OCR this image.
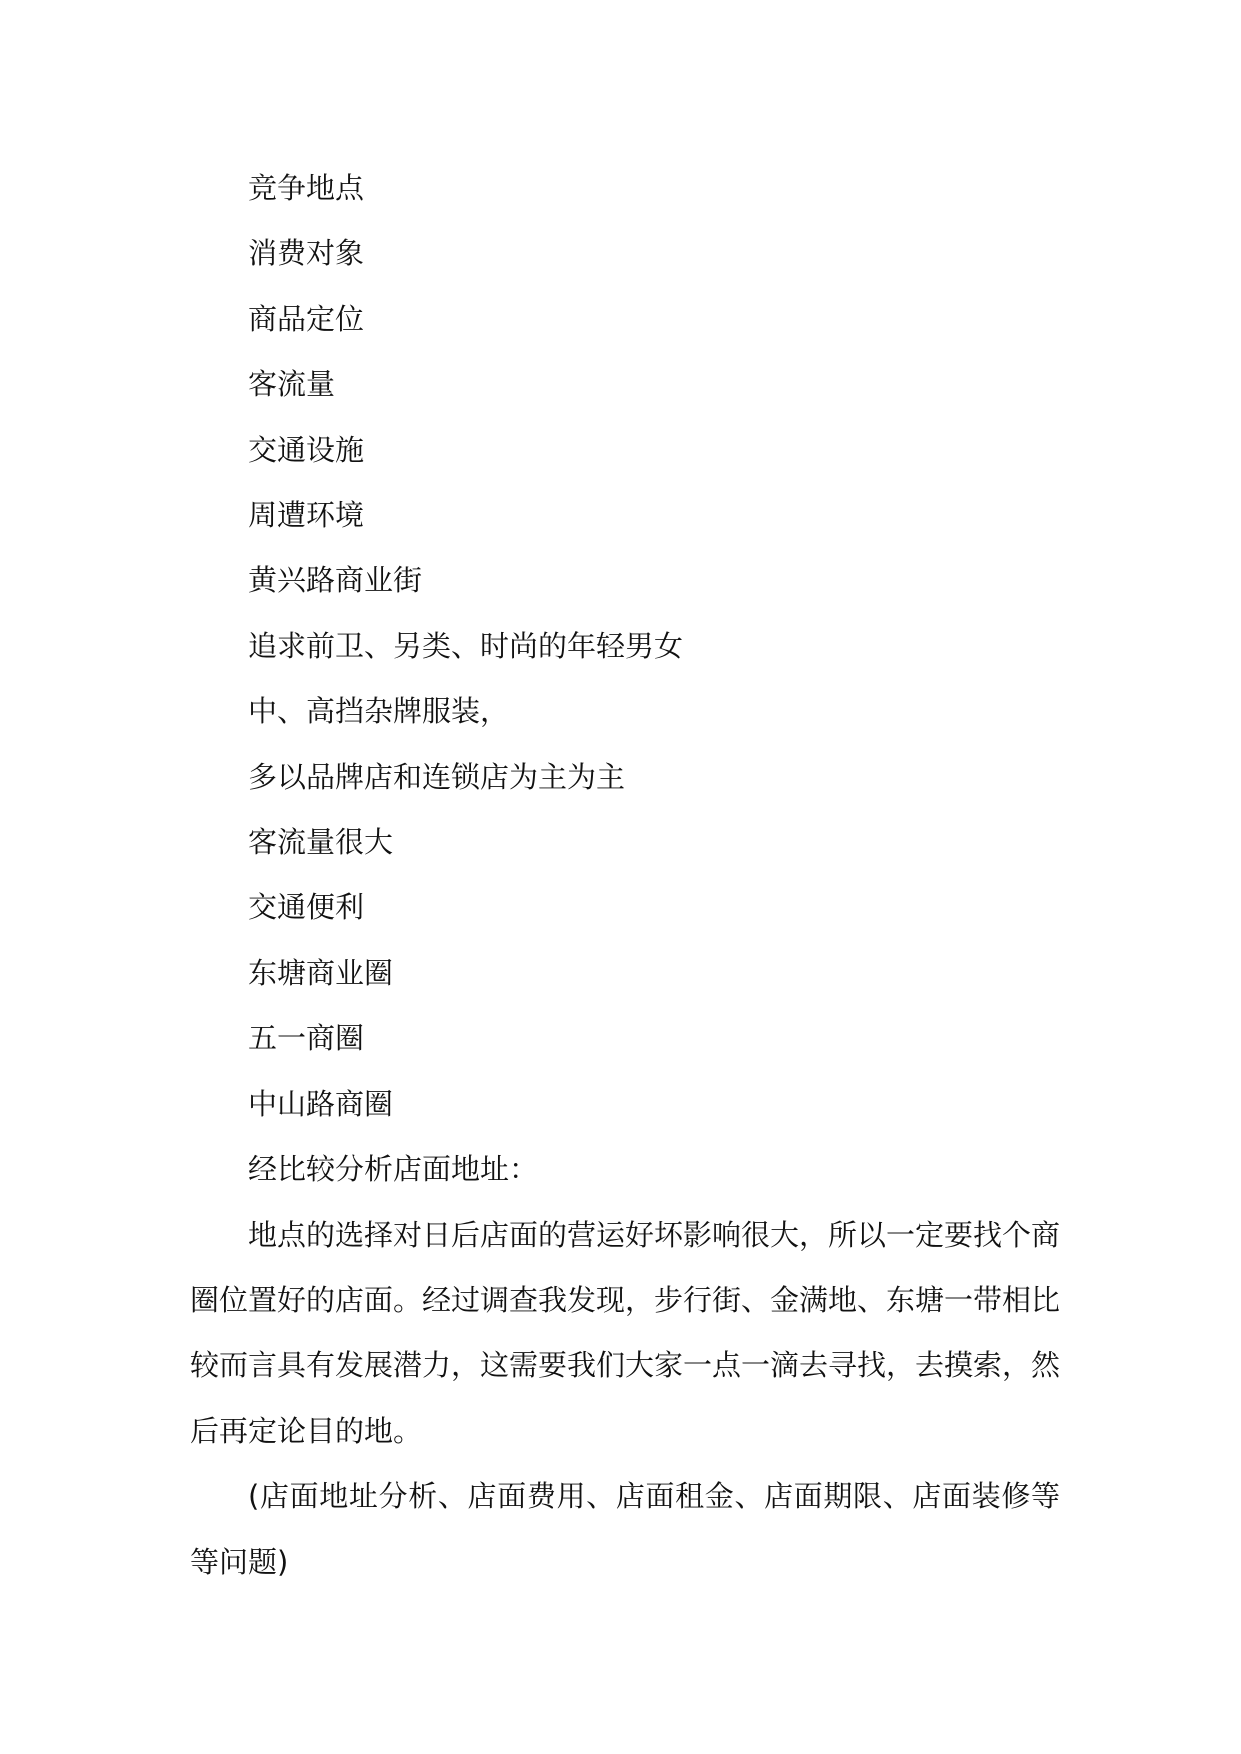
竞争地点

消费对象

商品定位

客流量

交通设施

周遭环境

黄兴路商业街

追求前卫、另类、时尚的年轻男女

中、高挡杂牌服装，

多以品牌店和连锁店为主为主

客流量很大

交通便利

东塘商业圈

五一商圈

中山路商圈

经比较分析店面地址：

地点的选择对日后店面的营运好坏影响很大，所以一定要找个商圈位置好的店面。经过调查我发现，步行街、金满地、东塘一带相比较而言具有发展潜力，这需要我们大家一点一滴去寻找，去摸索，然后再定论目的地。

(店面地址分析、店面费用、店面租金、店面期限、店面装修等等问题)
